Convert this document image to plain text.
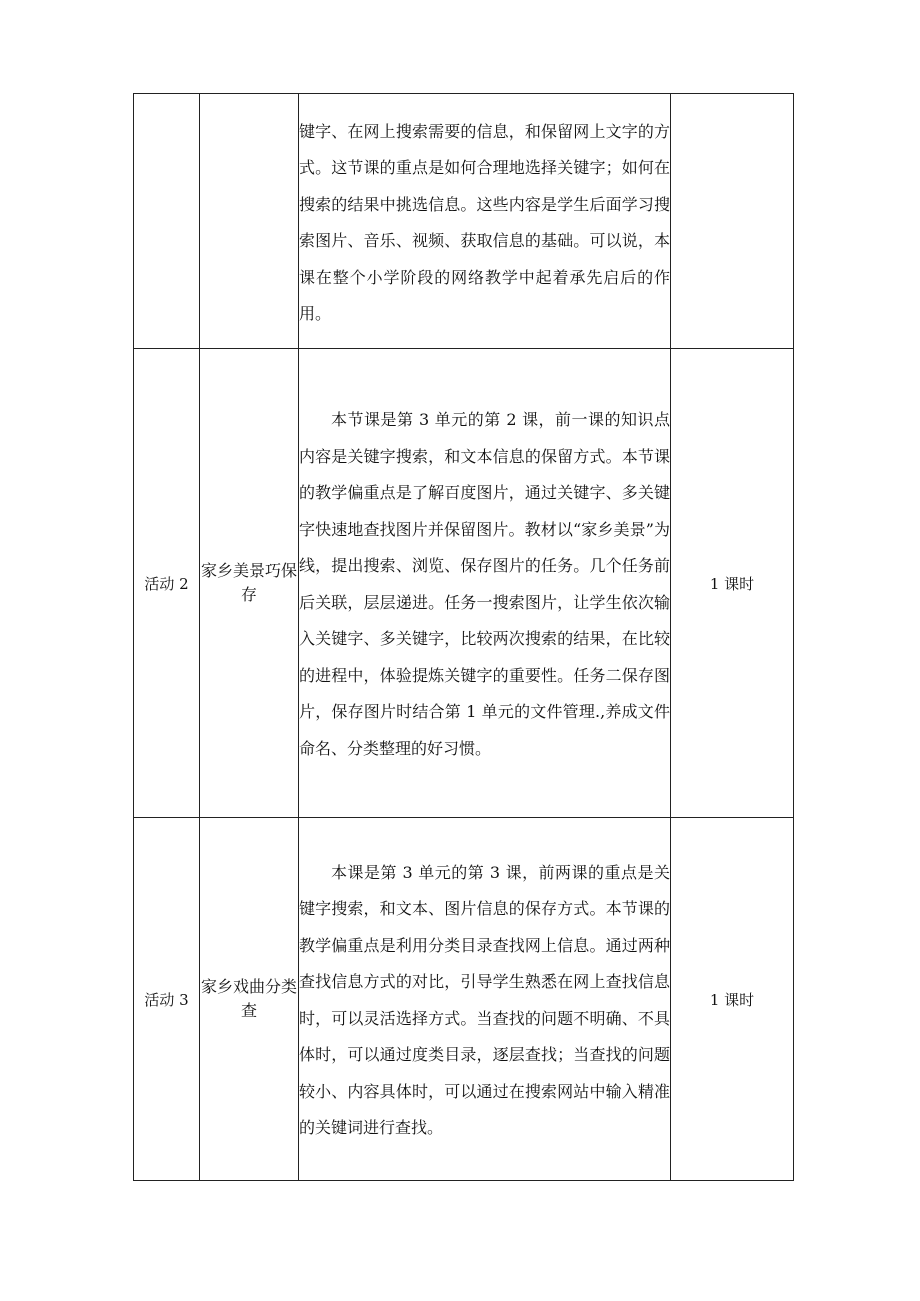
		键字、在网上搜索需要的信息，和保留网上文字的方式。这节课的重点是如何合理地选择关键字；如何在搜索的结果中挑选信息。这些内容是学生后面学习搜索图片、音乐、视频、获取信息的基础。可以说，本课在整个小学阶段的网络教学中起着承先启后的作用。	

活动 2	家乡美景巧保存	本节课是第 3 单元的第 2 课，前一课的知识点内容是关键字搜索，和文本信息的保留方式。本节课的教学偏重点是了解百度图片，通过关键字、多关键字快速地查找图片并保留图片。教材以“家乡美景”为线，提出搜索、浏览、保存图片的任务。几个任务前后关联，层层递进。任务一搜索图片，让学生依次输入关键字、多关键字，比较两次搜索的结果，在比较的进程中，体验提炼关键字的重要性。任务二保存图片，保存图片时结合第 1 单元的文件管理.,养成文件命名、分类整理的好习惯。	1 课时
活动 3	家乡戏曲分类查	本课是第 3 单元的第 3 课，前两课的重点是关键字搜索，和文本、图片信息的保存方式。本节课的教学偏重点是利用分类目录查找网上信息。通过两种查找信息方式的对比，引导学生熟悉在网上查找信息时，可以灵活选择方式。当查找的问题不明确、不具体时，可以通过度类目录，逐层查找；当查找的问题较小、内容具体时，可以通过在搜索网站中输入精准的关键词进行查找。	1 课时
